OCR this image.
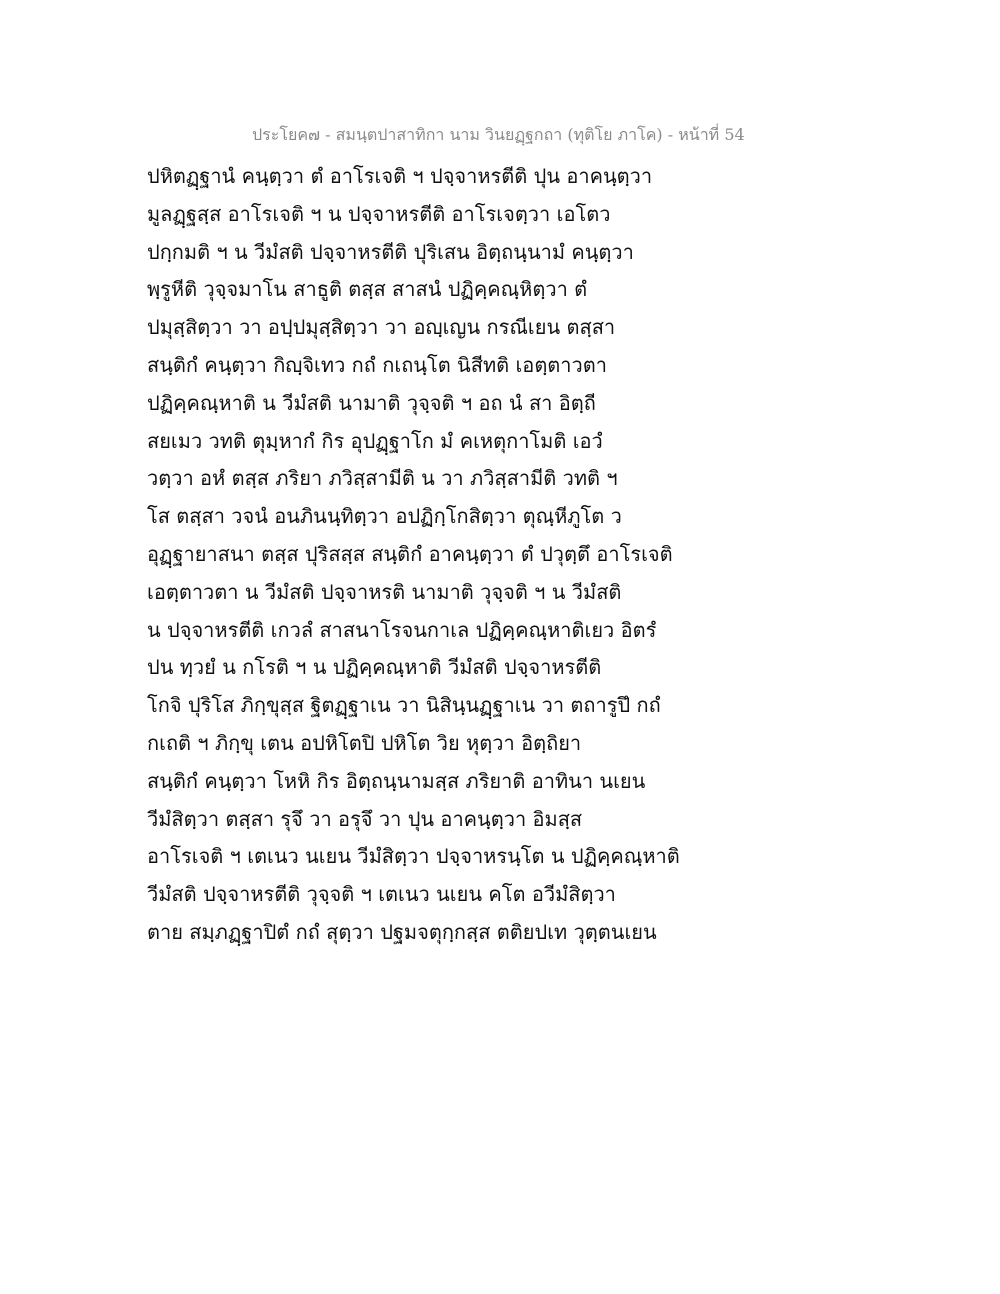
ประโยค๗ - สมนฺตปาสาทิกา นาม วินยฏฺฐกถา (ทุติโย ภาโค) - หน้าที่ 54
ปหิตฏฺฐานํ คนฺตฺวา ตํ อาโรเจติ ฯ ปจฺจาหรตีติ ปุน อาคนฺตฺวา
มูลฏฺฐสฺส อาโรเจติ ฯ น ปจฺจาหรตีติ อาโรเจตฺวา เอโตว
ปกฺกมติ ฯ น วีมํสติ ปจฺจาหรตีติ ปุริเสน อิตฺถนฺนามํ คนฺตฺวา
พฺรูหีติ วุจฺจมาโน สาธูติ ตสฺส สาสนํ ปฏิคฺคณฺหิตฺวา ตํ
ปมุสฺสิตฺวา วา อปฺปมุสฺสิตฺวา วา อญฺเญน กรณีเยน ตสฺสา
สนฺติกํ คนฺตฺวา กิญฺจิเทว กถํ กเถนฺโต นิสีทติ เอตฺตาวตา
ปฏิคฺคณฺหาติ น วีมํสติ นามาติ วุจฺจติ ฯ อถ นํ สา อิตฺถี
สยเมว วทติ ตุมฺหากํ กิร อุปฏฺฐาโก มํ คเหตุกาโมติ เอวํ
วตฺวา อหํ ตสฺส ภริยา ภวิสฺสามีติ น วา ภวิสฺสามีติ วทติ ฯ
โส ตสฺสา วจนํ อนภินนฺทิตฺวา อปฏิกฺโกสิตฺวา ตุณฺหีภูโต ว
อุฏฺฐายาสนา ตสฺส ปุริสสฺส สนฺติกํ อาคนฺตฺวา ตํ ปวุตฺตึ อาโรเจติ
เอตฺตาวตา น วีมํสติ ปจฺจาหรติ นามาติ วุจฺจติ ฯ น วีมํสติ
น ปจฺจาหรตีติ เกวลํ สาสนาโรจนกาเล ปฏิคฺคณฺหาติเยว อิตรํ
ปน ทฺวยํ น กโรติ ฯ น ปฏิคฺคณฺหาติ วีมํสติ ปจฺจาหรตีติ
โกจิ ปุริโส ภิกฺขุสฺส ฐิตฏฺฐาเน วา นิสินฺนฏฺฐาเน วา ตถารูปึ กถํ
กเถติ ฯ ภิกฺขุ เตน อปหิโตปิ ปหิโต วิย หุตฺวา อิตฺถิยา
สนฺติกํ คนฺตฺวา โหหิ กิร อิตฺถนฺนามสฺส ภริยาติ อาทินา นเยน
วีมํสิตฺวา ตสฺสา รุจึ วา อรุจึ วา ปุน อาคนฺตฺวา อิมสฺส
อาโรเจติ ฯ เตเนว นเยน วีมํสิตฺวา ปจฺจาหรนฺโต น ปฏิคฺคณฺหาติ
วีมํสติ ปจฺจาหรตีติ วุจฺจติ ฯ เตเนว นเยน คโต อวีมํสิตฺวา
ตาย สมฺภฏฺฐาปิตํ กถํ สุตฺวา ปฐมจตุกฺกสฺส ตติยปเท วุตฺตนเยน
